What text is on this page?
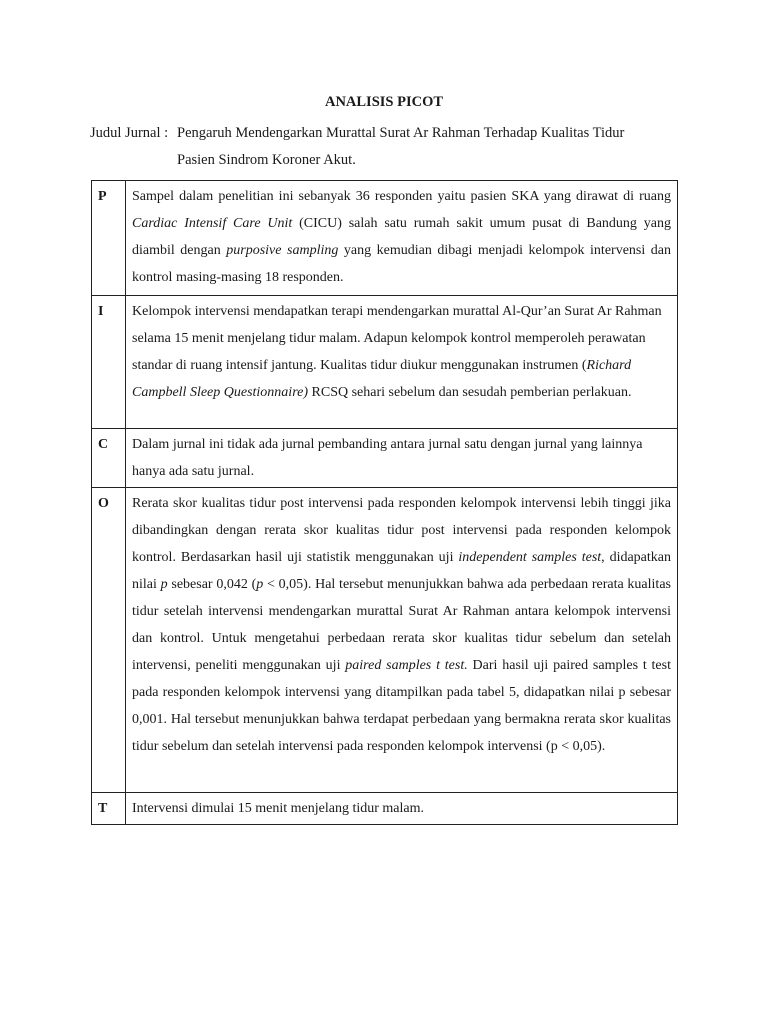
ANALISIS PICOT
Judul Jurnal : Pengaruh Mendengarkan Murattal Surat Ar Rahman Terhadap Kualitas Tidur
Pasien Sindrom Koroner Akut.
P	Sampel dalam penelitian ini sebanyak 36 responden yaitu pasien SKA yang dirawat di ruang Cardiac Intensif Care Unit (CICU) salah satu rumah sakit umum pusat di Bandung yang diambil dengan purposive sampling yang kemudian dibagi menjadi kelompok intervensi dan kontrol masing-masing 18 responden.
I	Kelompok intervensi mendapatkan terapi mendengarkan murattal Al-Qur’an Surat Ar Rahman selama 15 menit menjelang tidur malam. Adapun kelompok kontrol memperoleh perawatan standar di ruang intensif jantung. Kualitas tidur diukur menggunakan instrumen (Richard Campbell Sleep Questionnaire) RCSQ sehari sebelum dan sesudah pemberian perlakuan.
C	Dalam jurnal ini tidak ada jurnal pembanding antara jurnal satu dengan jurnal yang lainnya hanya ada satu jurnal.
O	Rerata skor kualitas tidur post intervensi pada responden kelompok intervensi lebih tinggi jika dibandingkan dengan rerata skor kualitas tidur post intervensi pada responden kelompok kontrol. Berdasarkan hasil uji statistik menggunakan uji independent samples test, didapatkan nilai p sebesar 0,042 (p < 0,05). Hal tersebut menunjukkan bahwa ada perbedaan rerata kualitas tidur setelah intervensi mendengarkan murattal Surat Ar Rahman antara kelompok intervensi dan kontrol. Untuk mengetahui perbedaan rerata skor kualitas tidur sebelum dan setelah intervensi, peneliti menggunakan uji paired samples t test. Dari hasil uji paired samples t test pada responden kelompok intervensi yang ditampilkan pada tabel 5, didapatkan nilai p sebesar 0,001. Hal tersebut menunjukkan bahwa terdapat perbedaan yang bermakna rerata skor kualitas tidur sebelum dan setelah intervensi pada responden kelompok intervensi (p < 0,05).
T	Intervensi dimulai 15 menit menjelang tidur malam.
